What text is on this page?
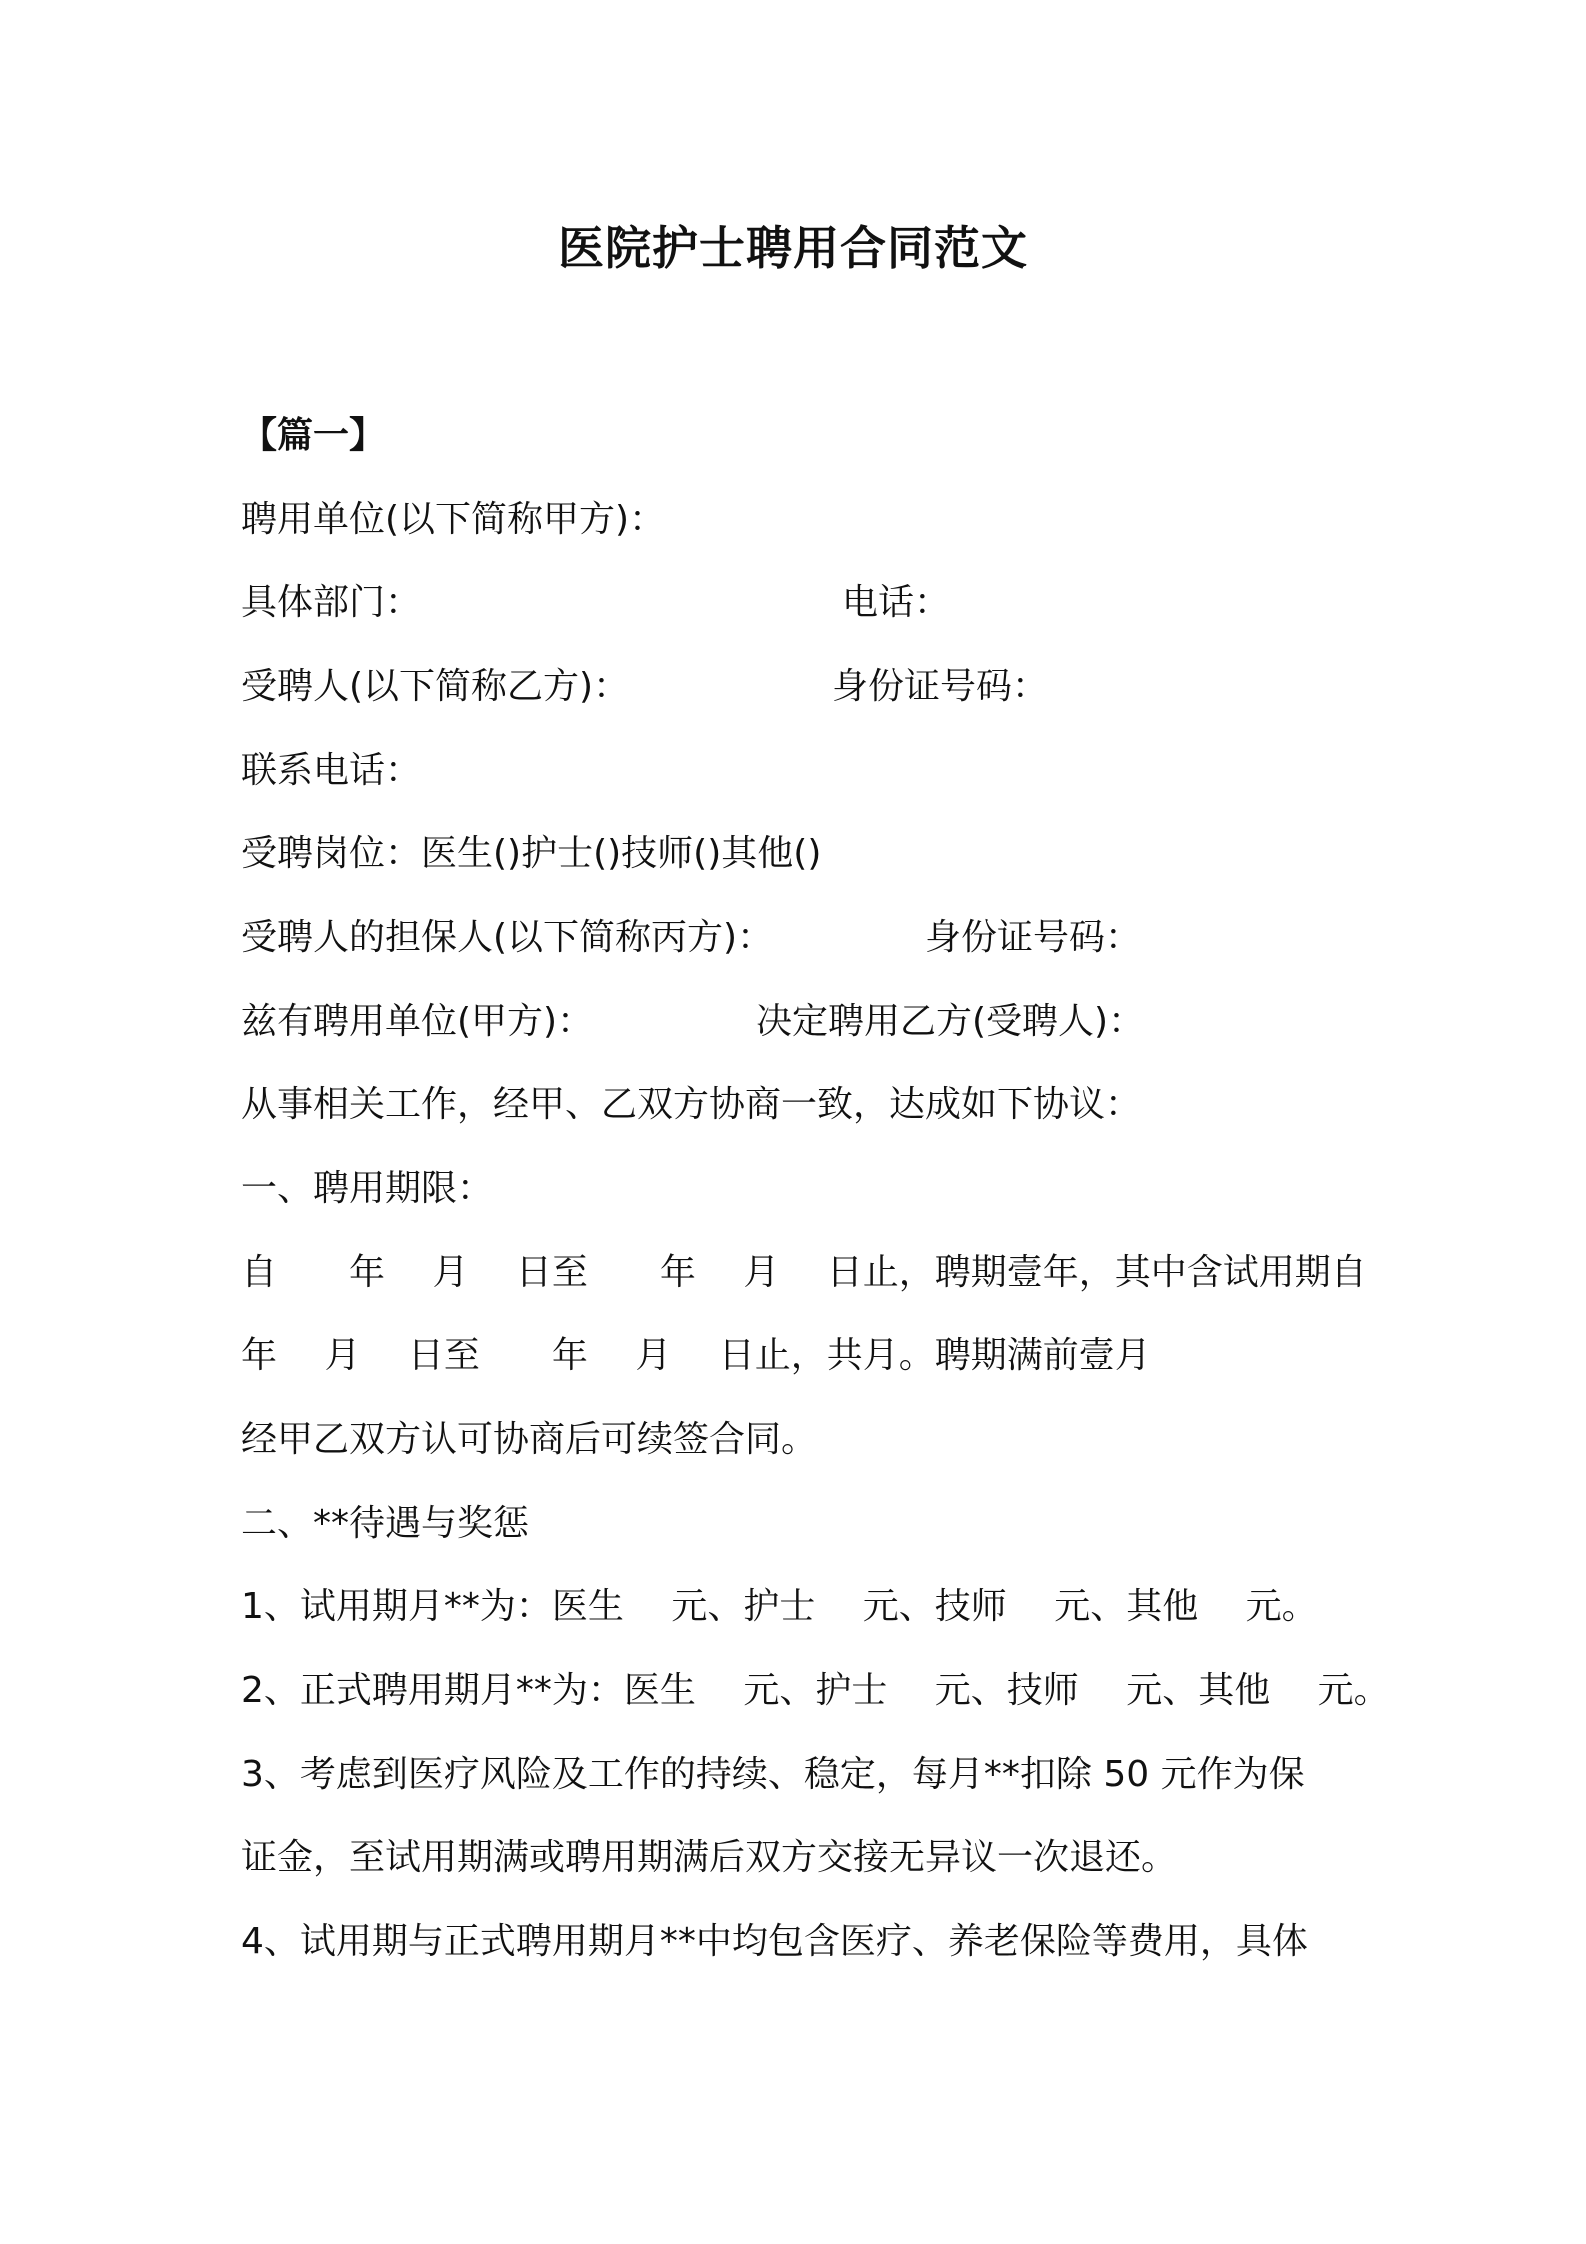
医院护士聘用合同范文
【篇一】
聘用单位(以下简称甲方)：
具体部门：	电话：
受聘人(以下简称乙方)：	身份证号码：
联系电话：
受聘岗位：医生()护士()技师()其他()
受聘人的担保人(以下简称丙方)：	身份证号码：
兹有聘用单位(甲方)：	决定聘用乙方(受聘人)：
从事相关工作，经甲、乙双方协商一致，达成如下协议：
一、聘用期限：
自　　年　 月　 日至　　年　 月　 日止，聘期壹年，其中含试用期自
年　 月　 日至　　年　 月　 日止，共月。聘期满前壹月
经甲乙双方认可协商后可续签合同。
二、**待遇与奖惩
1、试用期月**为：医生　 元、护士　 元、技师　 元、其他　 元。
2、正式聘用期月**为：医生　 元、护士　 元、技师　 元、其他　 元。
3、考虑到医疗风险及工作的持续、稳定，每月**扣除 50 元作为保
证金，至试用期满或聘用期满后双方交接无异议一次退还。
4、试用期与正式聘用期月**中均包含医疗、养老保险等费用，具体
